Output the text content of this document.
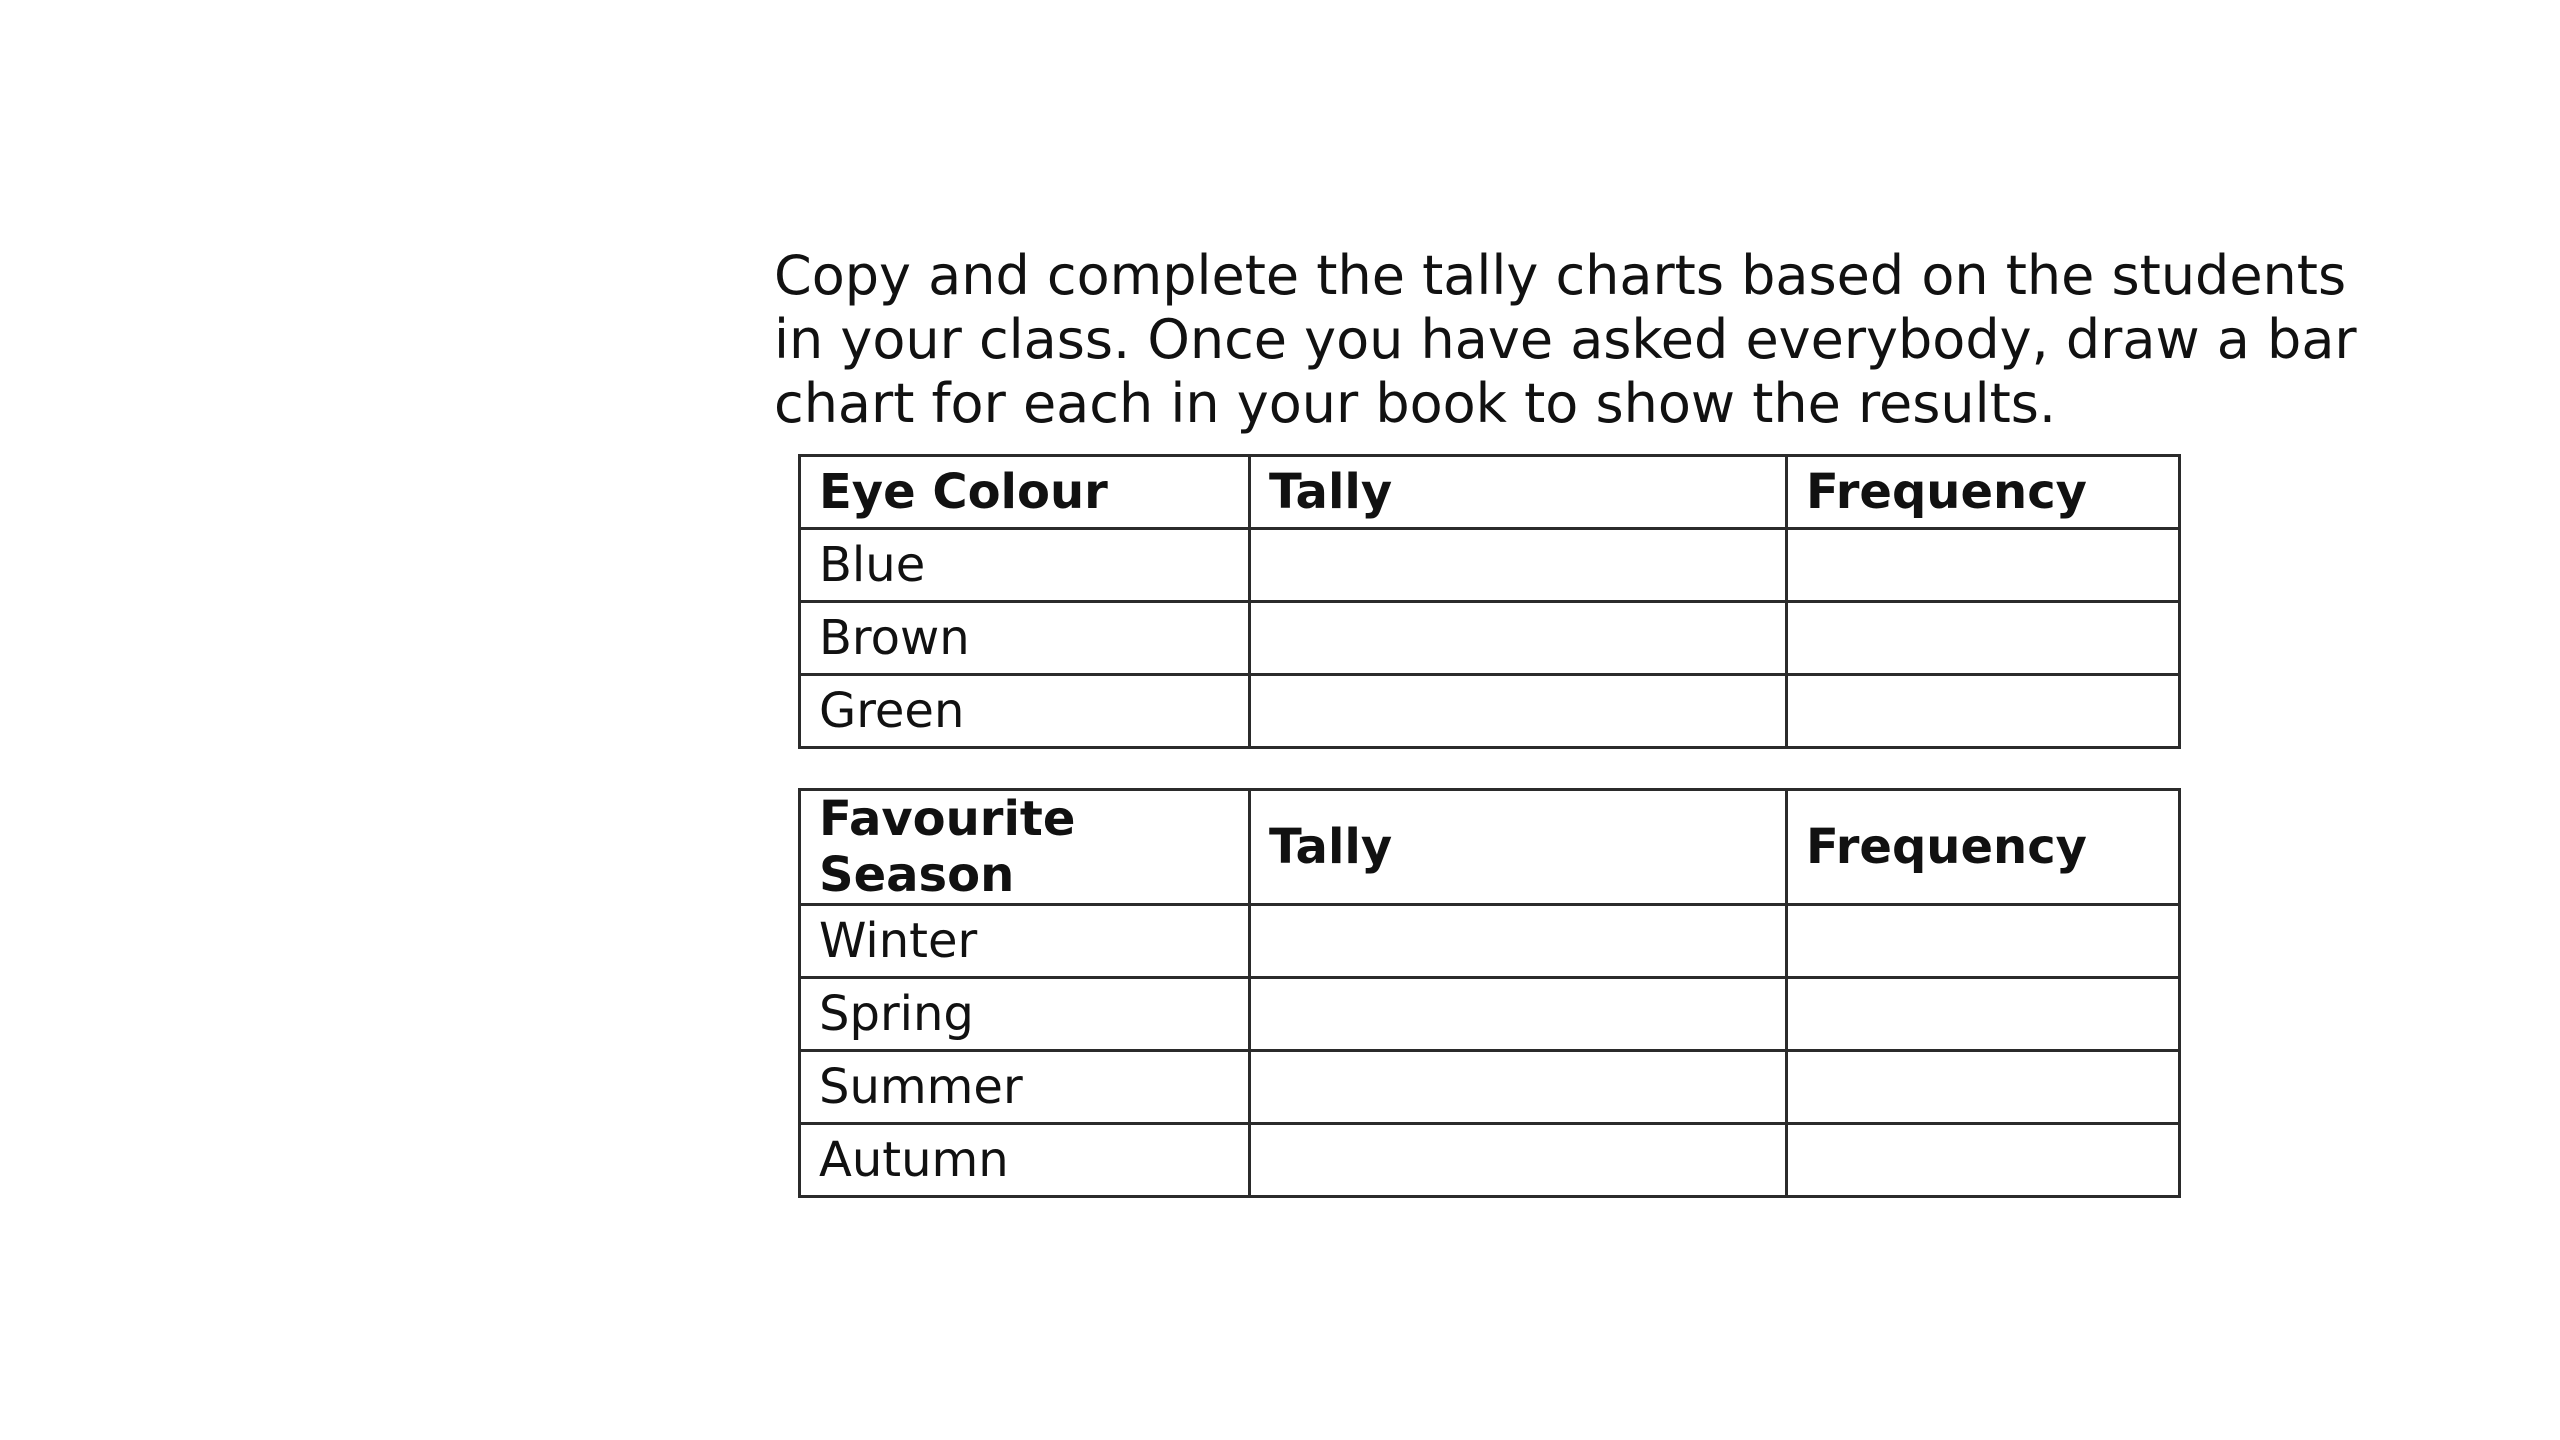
Copy and complete the tally charts based on the students
in your class. Once you have asked everybody, draw a bar
chart for each in your book to show the results.

Eye Colour	Tally	Frequency
Blue		
Brown		
Green		
Favourite Season	Tally	Frequency
Winter		
Spring		
Summer		
Autumn		
